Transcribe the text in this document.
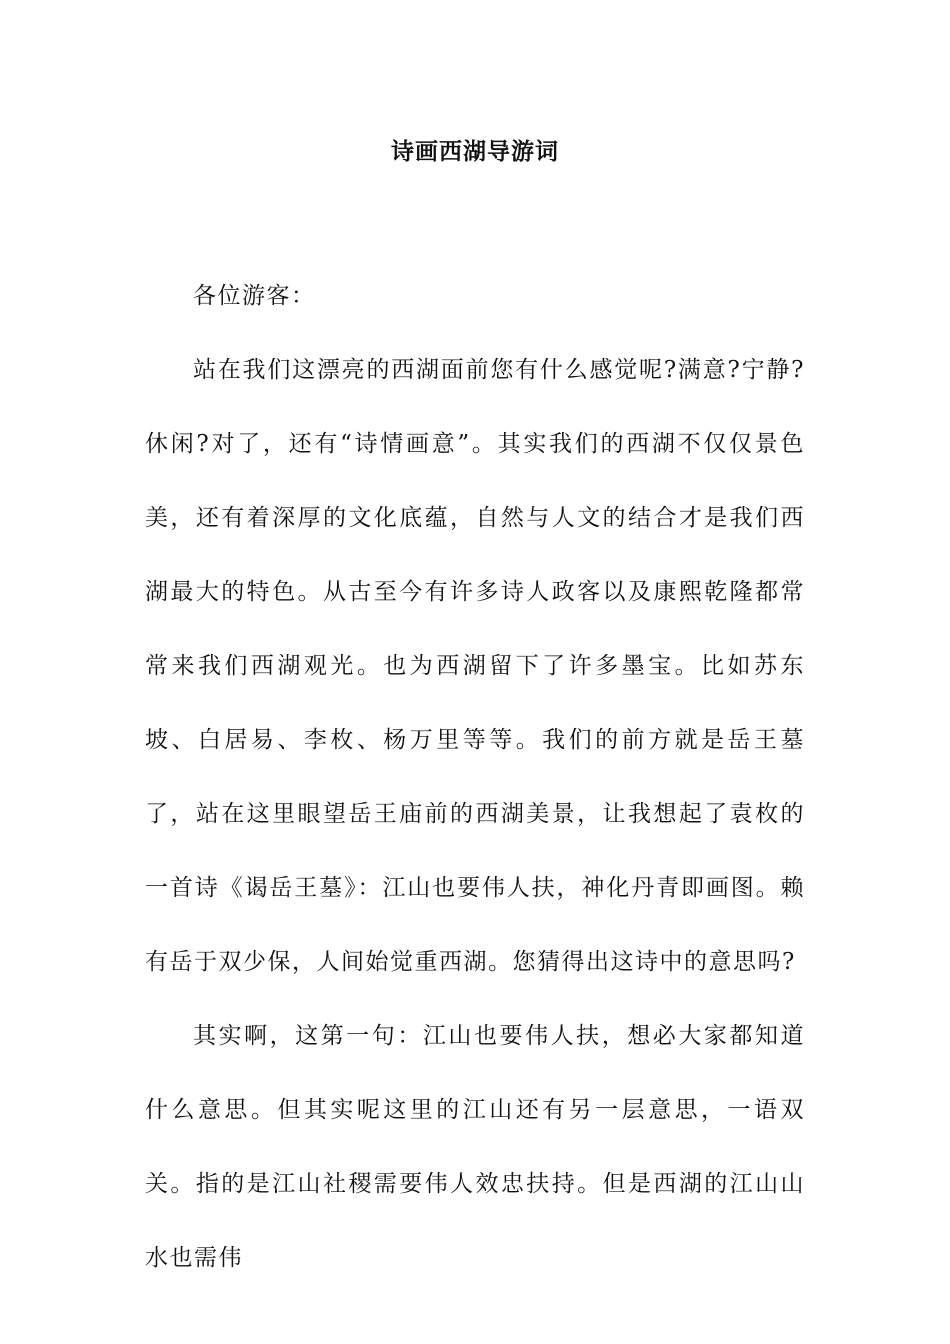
诗画西湖导游词

各位游客：

站在我们这漂亮的西湖面前您有什么感觉呢?满意?宁静?休闲?对了，还有“诗情画意”。其实我们的西湖不仅仅景色美，还有着深厚的文化底蕴，自然与人文的结合才是我们西湖最大的特色。从古至今有许多诗人政客以及康熙乾隆都常常来我们西湖观光。也为西湖留下了许多墨宝。比如苏东坡、白居易、李枚、杨万里等等。我们的前方就是岳王墓了，站在这里眼望岳王庙前的西湖美景，让我想起了袁枚的一首诗《谒岳王墓》：江山也要伟人扶，神化丹青即画图。赖有岳于双少保，人间始觉重西湖。您猜得出这诗中的意思吗?

其实啊，这第一句：江山也要伟人扶，想必大家都知道什么意思。但其实呢这里的江山还有另一层意思，一语双关。指的是江山社稷需要伟人效忠扶持。但是西湖的江山山水也需伟
